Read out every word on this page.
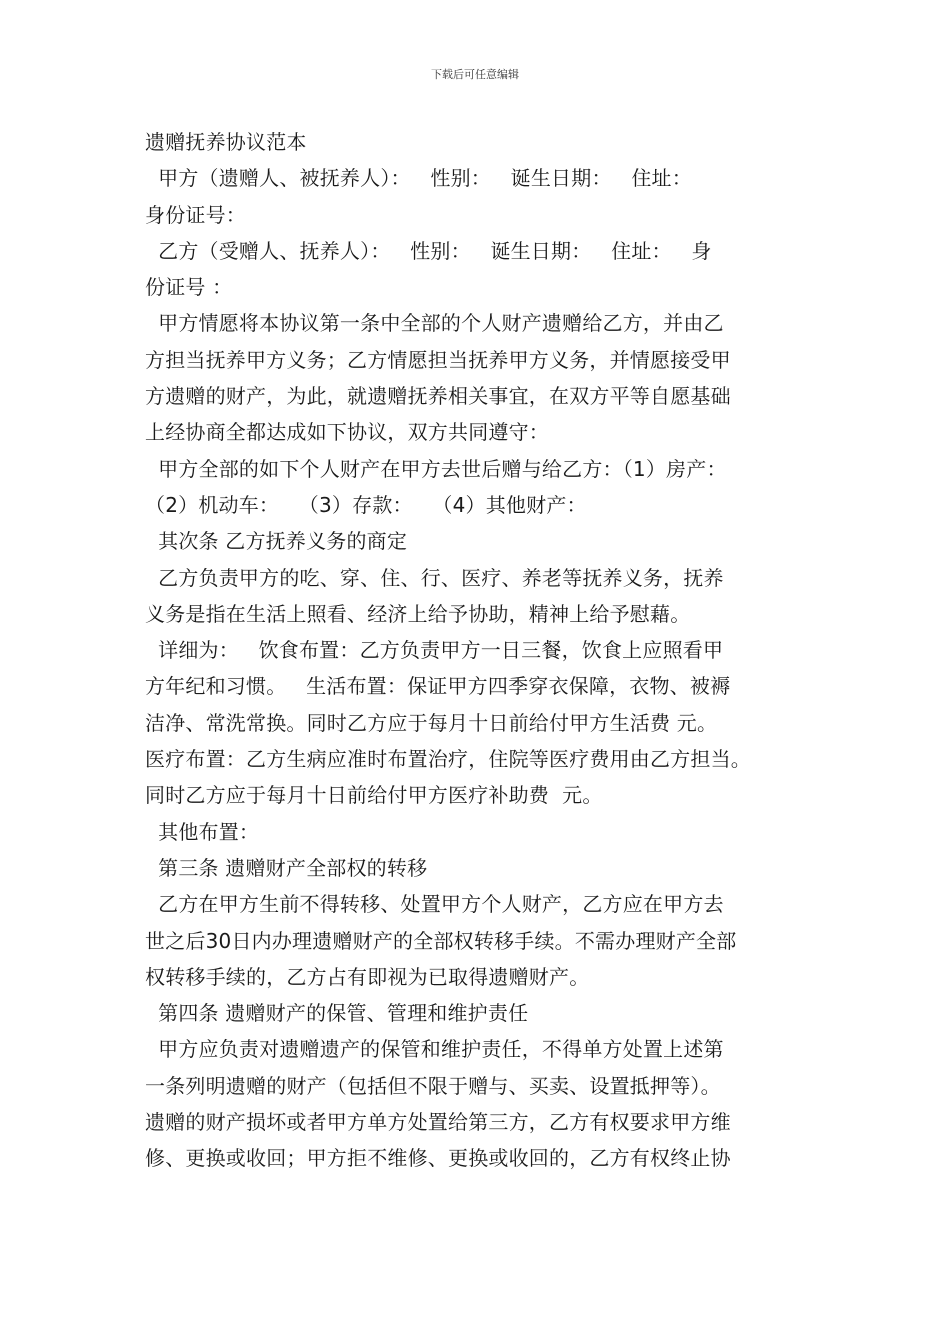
下载后可任意编辑
遗赠抚养协议范本
甲方（遗赠人、被抚养人）：   性别：   诞生日期：   住址：
身份证号：
乙方（受赠人、抚养人）：   性别：   诞生日期：   住址：   身
份证号 ：
甲方情愿将本协议第一条中全部的个人财产遗赠给乙方，并由乙
方担当抚养甲方义务；乙方情愿担当抚养甲方义务，并情愿接受甲
方遗赠的财产，为此，就遗赠抚养相关事宜，在双方平等自愿基础
上经协商全都达成如下协议，双方共同遵守：
甲方全部的如下个人财产在甲方去世后赠与给乙方：（1）房产：
（2）机动车：   （3）存款：   （4）其他财产：
其次条 乙方抚养义务的商定
乙方负责甲方的吃、穿、住、行、医疗、养老等抚养义务，抚养
义务是指在生活上照看、经济上给予协助，精神上给予慰藉。
详细为：   饮食布置：乙方负责甲方一日三餐，饮食上应照看甲
方年纪和习惯。   生活布置：保证甲方四季穿衣保障，衣物、被褥
洁净、常洗常换。同时乙方应于每月十日前给付甲方生活费 元。
医疗布置：乙方生病应准时布置治疗，住院等医疗费用由乙方担当。
同时乙方应于每月十日前给付甲方医疗补助费  元。
其他布置：
第三条 遗赠财产全部权的转移
乙方在甲方生前不得转移、处置甲方个人财产，乙方应在甲方去
世之后30日内办理遗赠财产的全部权转移手续。不需办理财产全部
权转移手续的，乙方占有即视为已取得遗赠财产。
第四条 遗赠财产的保管、管理和维护责任
甲方应负责对遗赠遗产的保管和维护责任，不得单方处置上述第
一条列明遗赠的财产（包括但不限于赠与、买卖、设置抵押等）。
遗赠的财产损坏或者甲方单方处置给第三方，乙方有权要求甲方维
修、更换或收回；甲方拒不维修、更换或收回的，乙方有权终止协
